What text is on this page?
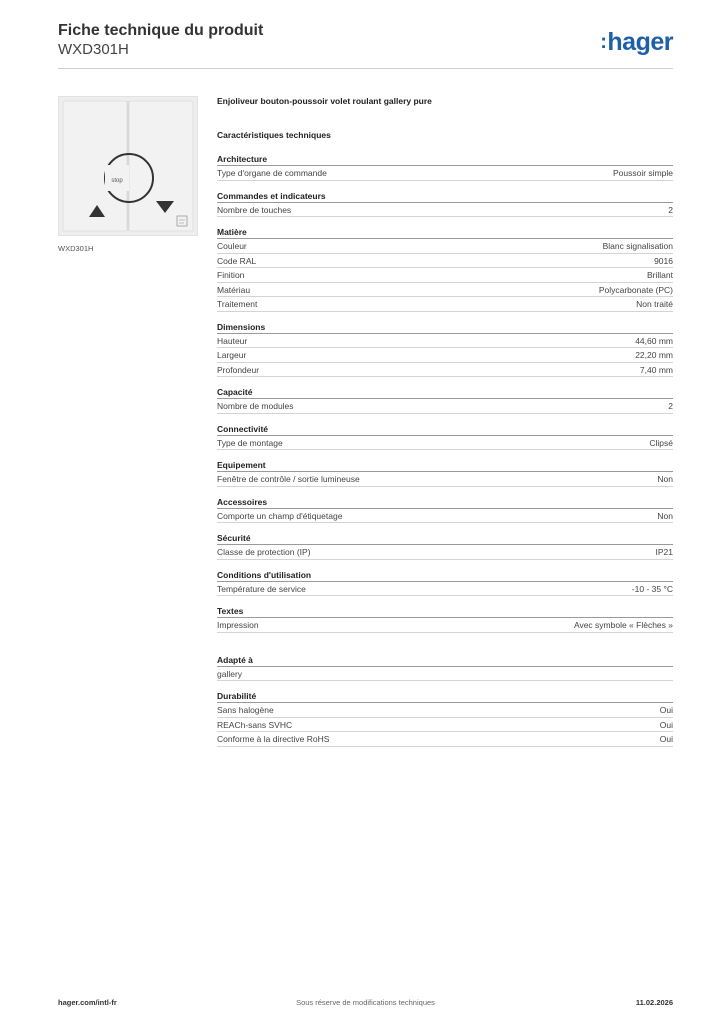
Fiche technique du produit
WXD301H	:hager
stop
WXD301H
Enjoliveur bouton-poussoir volet roulant gallery pure
Caractéristiques techniques
Architecture
Type d'organe de commande	Poussoir simple
Commandes et indicateurs
Nombre de touches	2
Matière
Couleur	Blanc signalisation
Code RAL	9016
Finition	Brillant
Matériau	Polycarbonate (PC)
Traitement	Non traité
Dimensions
Hauteur	44,60 mm
Largeur	22,20 mm
Profondeur	7,40 mm
Capacité
Nombre de modules	2
Connectivité
Type de montage	Clipsé
Equipement
Fenêtre de contrôle / sortie lumineuse	Non
Accessoires
Comporte un champ d'étiquetage	Non
Sécurité
Classe de protection (IP)	IP21
Conditions d'utilisation
Température de service	-10 - 35 °C
Textes
Impression	Avec symbole « Flèches »
Adapté à
gallery
Durabilité
Sans halogène	Oui
REACh-sans SVHC	Oui
Conforme à la directive RoHS	Oui
Sous réserve de modifications techniques
hager.com/intl-fr	11.02.2026
